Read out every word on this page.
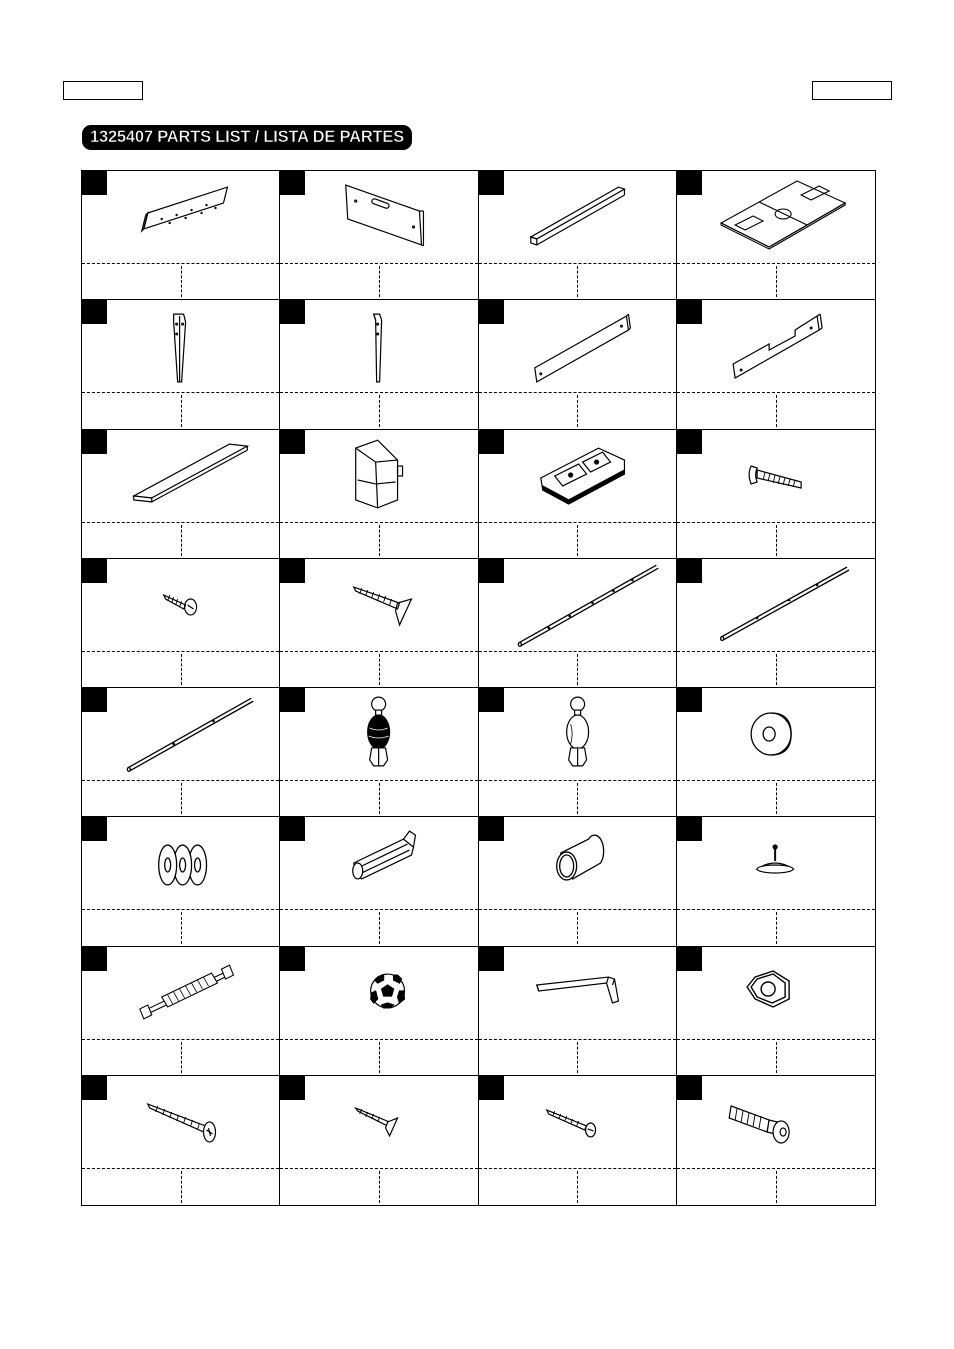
1325407 PARTS LIST / LISTA DE PARTES
